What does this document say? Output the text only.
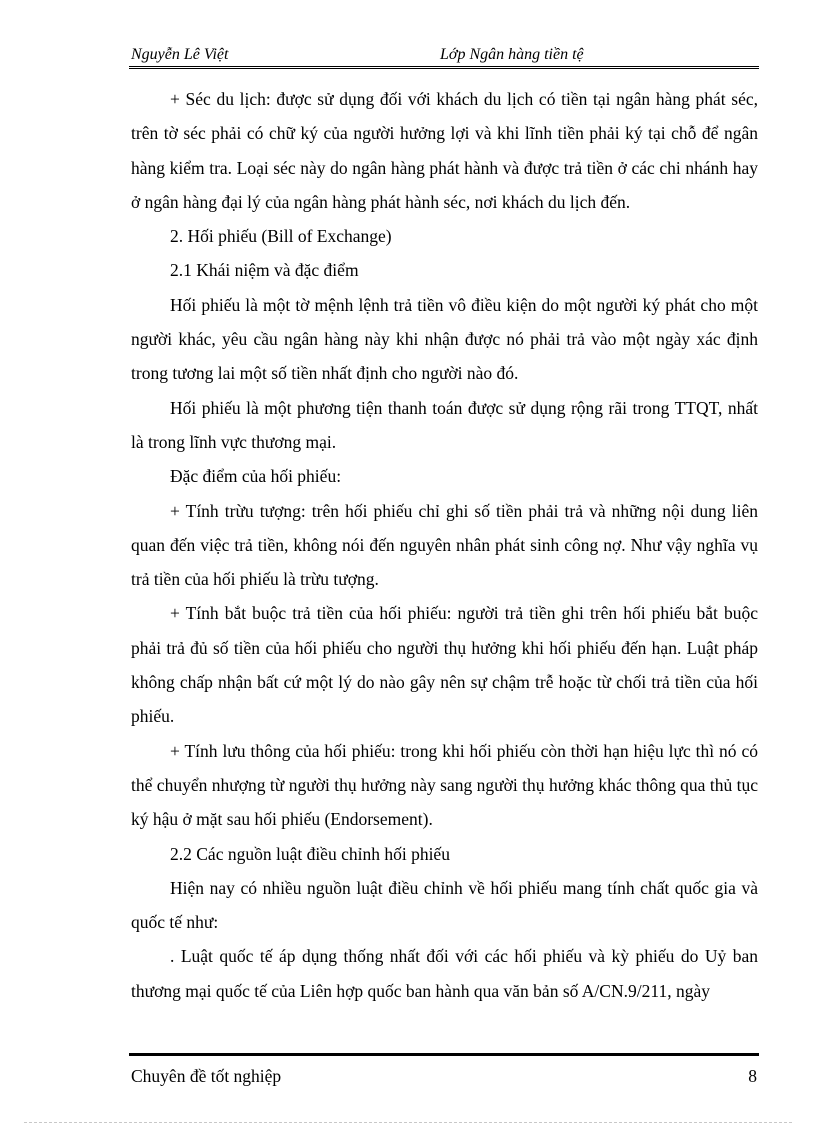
Nguyễn Lê Việt	Lớp Ngân hàng tiền tệ

+ Séc du lịch: được sử dụng đối với khách du lịch có tiền tại ngân hàng phát séc, trên tờ séc phải có chữ ký của người hưởng lợi và khi lĩnh tiền phải ký tại chỗ để ngân hàng kiểm tra. Loại séc này do ngân hàng phát hành và được trả tiền ở các chi nhánh hay ở ngân hàng đại lý của ngân hàng phát hành séc, nơi khách du lịch đến.

2. Hối phiếu (Bill of Exchange)

2.1 Khái niệm và đặc điểm

Hối phiếu là một tờ mệnh lệnh trả tiền vô điều kiện do một người ký phát cho một người khác, yêu cầu ngân hàng này khi nhận được nó phải trả vào một ngày xác định trong tương lai một số tiền nhất định cho người nào đó.

Hối phiếu là một phương tiện thanh toán được sử dụng rộng rãi trong TTQT, nhất là trong lĩnh vực thương mại.

Đặc điểm của hối phiếu:

+ Tính trừu tượng: trên hối phiếu chỉ ghi số tiền phải trả và những nội dung liên quan đến việc trả tiền, không nói đến nguyên nhân phát sinh công nợ. Như vậy nghĩa vụ trả tiền của hối phiếu là trừu tượng.

+ Tính bắt buộc trả tiền của hối phiếu: người trả tiền ghi trên hối phiếu bắt buộc phải trả đủ số tiền của hối phiếu cho người thụ hưởng khi hối phiếu đến hạn. Luật pháp không chấp nhận bất cứ một lý do nào gây nên sự chậm trễ hoặc từ chối trả tiền của hối phiếu.

+ Tính lưu thông của hối phiếu: trong khi hối phiếu còn thời hạn hiệu lực thì nó có thể chuyển nhượng từ người thụ hưởng này sang người thụ hưởng khác thông qua thủ tục ký hậu ở mặt sau hối phiếu (Endorsement).

2.2 Các nguồn luật điều chỉnh hối phiếu

Hiện nay có nhiều nguồn luật điều chỉnh về hối phiếu mang tính chất quốc gia và quốc tế như:

. Luật quốc tế áp dụng thống nhất đối với các hối phiếu và kỳ phiếu do Uỷ ban thương mại quốc tế của Liên hợp quốc ban hành qua văn bản số A/CN.9/211, ngày

Chuyên đề tốt nghiệp	8
